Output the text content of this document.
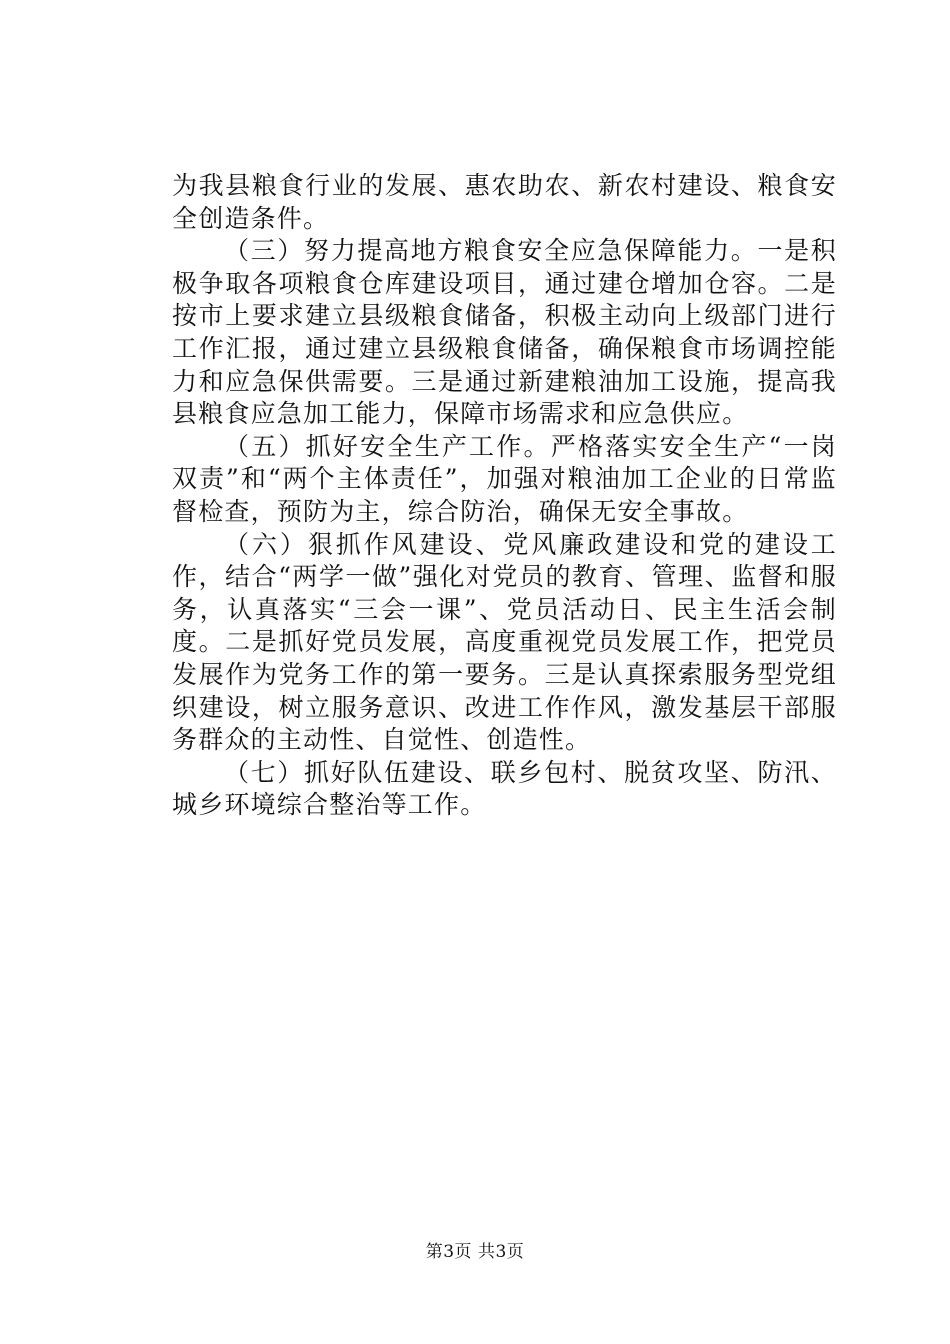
为我县粮食行业的发展、惠农助农、新农村建设、粮食安全创造条件。

（三）努力提高地方粮食安全应急保障能力。一是积极争取各项粮食仓库建设项目，通过建仓增加仓容。二是按市上要求建立县级粮食储备，积极主动向上级部门进行工作汇报，通过建立县级粮食储备，确保粮食市场调控能力和应急保供需要。三是通过新建粮油加工设施，提高我县粮食应急加工能力，保障市场需求和应急供应。

（五）抓好安全生产工作。严格落实安全生产“一岗双责”和“两个主体责任”，加强对粮油加工企业的日常监督检查，预防为主，综合防治，确保无安全事故。

（六）狠抓作风建设、党风廉政建设和党的建设工作，结合“两学一做”强化对党员的教育、管理、监督和服务，认真落实“三会一课”、党员活动日、民主生活会制度。二是抓好党员发展，高度重视党员发展工作，把党员发展作为党务工作的第一要务。三是认真探索服务型党组织建设，树立服务意识、改进工作作风，激发基层干部服务群众的主动性、自觉性、创造性。

（七）抓好队伍建设、联乡包村、脱贫攻坚、防汛、城乡环境综合整治等工作。

第3页 共3页
